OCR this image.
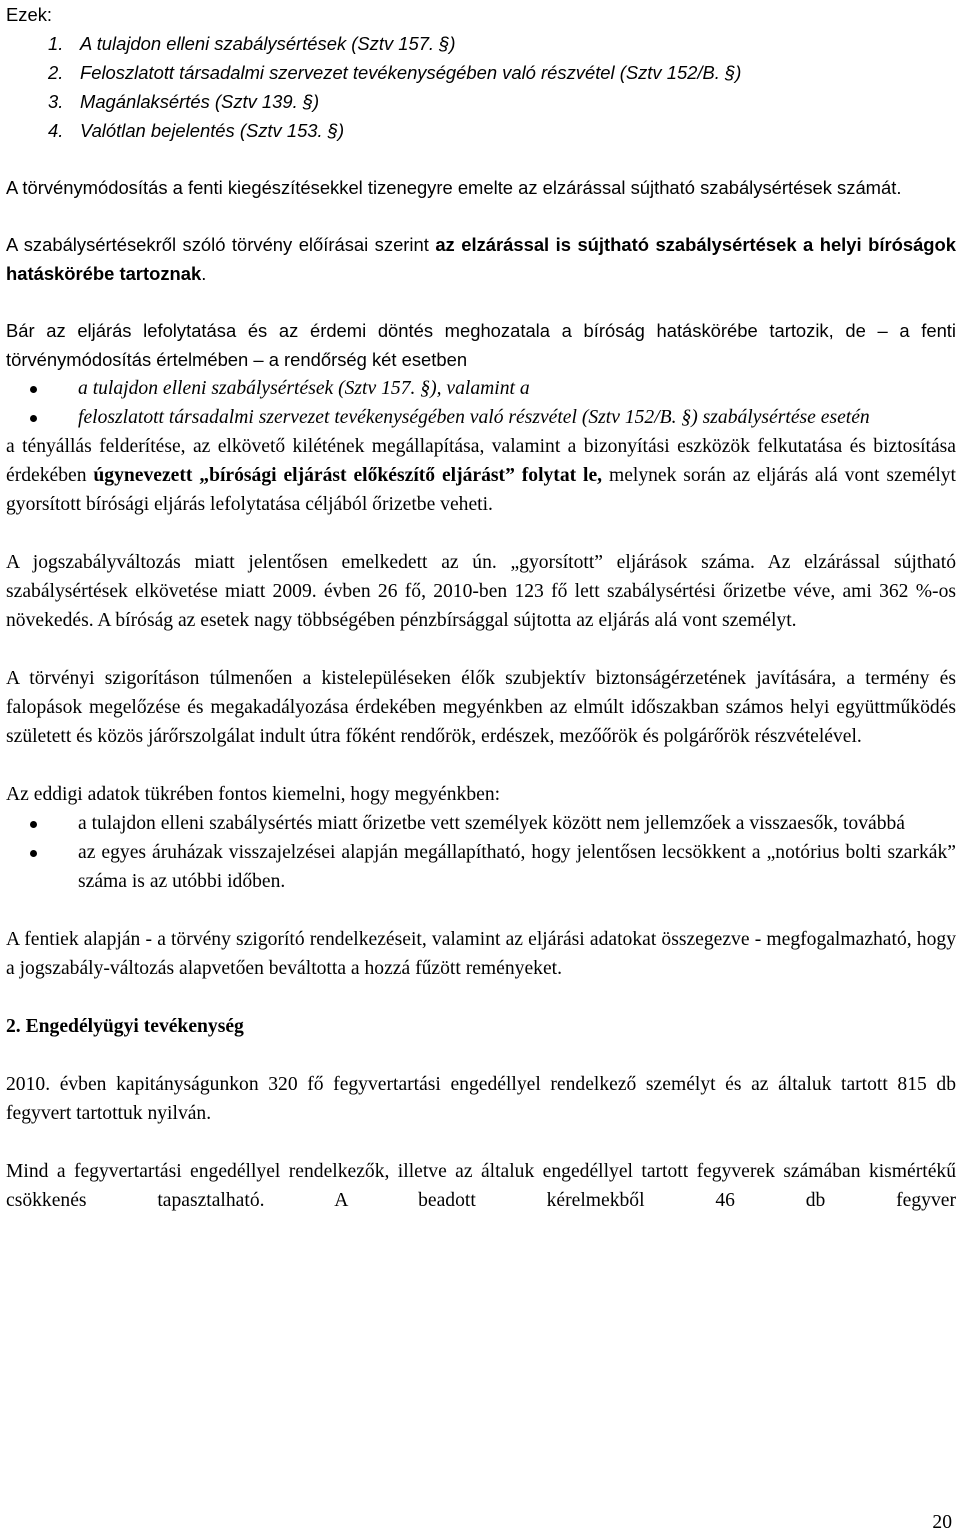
Ezek:

1. A tulajdon elleni szabálysértések (Sztv 157. §)
2. Feloszlatott társadalmi szervezet tevékenységében való részvétel (Sztv 152/B. §)
3. Magánlaksértés (Sztv 139. §)
4. Valótlan bejelentés (Sztv 153. §)

A törvénymódosítás a fenti kiegészítésekkel tizenegyre emelte az elzárással sújtható szabálysértések számát.

A szabálysértésekről szóló törvény előírásai szerint az elzárással is sújtható szabálysértések a helyi bíróságok hatáskörébe tartoznak.

Bár az eljárás lefolytatása és az érdemi döntés meghozatala a bíróság hatáskörébe tartozik, de – a fenti törvénymódosítás értelmében – a rendőrség két esetben

a tulajdon elleni szabálysértések (Sztv 157. §), valamint a
feloszlatott társadalmi szervezet tevékenységében való részvétel (Sztv 152/B. §) szabálysértése esetén

a tényállás felderítése, az elkövető kilétének megállapítása, valamint a bizonyítási eszközök felkutatása és biztosítása érdekében úgynevezett „bírósági eljárást előkészítő eljárást” folytat le, melynek során az eljárás alá vont személyt gyorsított bírósági eljárás lefolytatása céljából őrizetbe veheti.

A jogszabályváltozás miatt jelentősen emelkedett az ún. „gyorsított” eljárások száma. Az elzárással sújtható szabálysértések elkövetése miatt 2009. évben 26 fő, 2010-ben 123 fő lett szabálysértési őrizetbe véve, ami 362 %-os növekedés. A bíróság az esetek nagy többségében pénzbírsággal sújtotta az eljárás alá vont személyt.

A törvényi szigorításon túlmenően a kistelepüléseken élők szubjektív biztonságérzetének javítására, a termény és falopások megelőzése és megakadályozása érdekében megyénkben az elmúlt időszakban számos helyi együttműködés született és közös járőrszolgálat indult útra főként rendőrök, erdészek, mezőőrök és polgárőrök részvételével.

Az eddigi adatok tükrében fontos kiemelni, hogy megyénkben:

a tulajdon elleni szabálysértés miatt őrizetbe vett személyek között nem jellemzőek a visszaesők, továbbá
az egyes áruházak visszajelzései alapján megállapítható, hogy jelentősen lecsökkent a „notórius bolti szarkák” száma is az utóbbi időben.

A fentiek alapján - a törvény szigorító rendelkezéseit, valamint az eljárási adatokat összegezve - megfogalmazható, hogy a jogszabály-változás alapvetően beváltotta a hozzá fűzött reményeket.

2. Engedélyügyi tevékenység

2010. évben kapitányságunkon 320 fő fegyvertartási engedéllyel rendelkező személyt és az általuk tartott 815 db fegyvert tartottuk nyilván.

Mind a fegyvertartási engedéllyel rendelkezők, illetve az általuk engedéllyel tartott fegyverek számában kismértékű csökkenés tapasztalható. A beadott kérelmekből 46 db fegyver

20
